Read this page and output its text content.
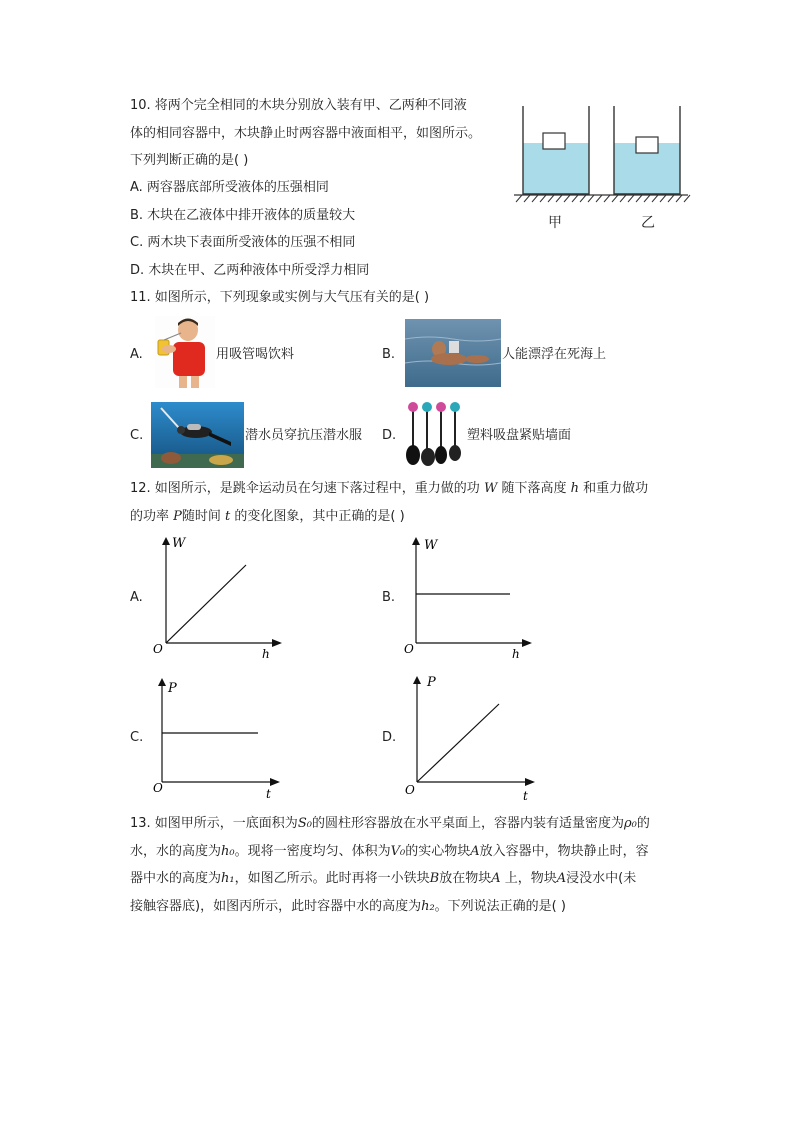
10. 将两个完全相同的木块分别放入装有甲、乙两种不同液
体的相同容器中，木块静止时两容器中液面相平，如图所示。
下列判断正确的是( )
A. 两容器底部所受液体的压强相同
B. 木块在乙液体中排开液体的质量较大
C. 两木块下表面所受液体的压强不相同
D. 木块在甲、乙两种液体中所受浮力相同
甲	乙
11. 如图所示，下列现象或实例与大气压有关的是( )
A.	用吸管喝饮料	B.	人能漂浮在死海上
C.	潜水员穿抗压潜水服 D.	塑料吸盘紧贴墙面
12. 如图所示，是跳伞运动员在匀速下落过程中，重力做的功 W 随下落高度 h 和重力做功
的功率 P随时间 t 的变化图象，其中正确的是( )
A.
W
h
O
B.
W
h
O
C.
P
t
O
D.
P
t
O
13. 如图甲所示，一底面积为S₀的圆柱形容器放在水平桌面上，容器内装有适量密度为ρ₀的
水，水的高度为h₀。现将一密度均匀、体积为V₀的实心物块A放入容器中，物块静止时，容
器中水的高度为h₁，如图乙所示。此时再将一小铁块B放在物块A 上，物块A浸没水中(未
接触容器底)，如图丙所示，此时容器中水的高度为h₂。下列说法正确的是( )
